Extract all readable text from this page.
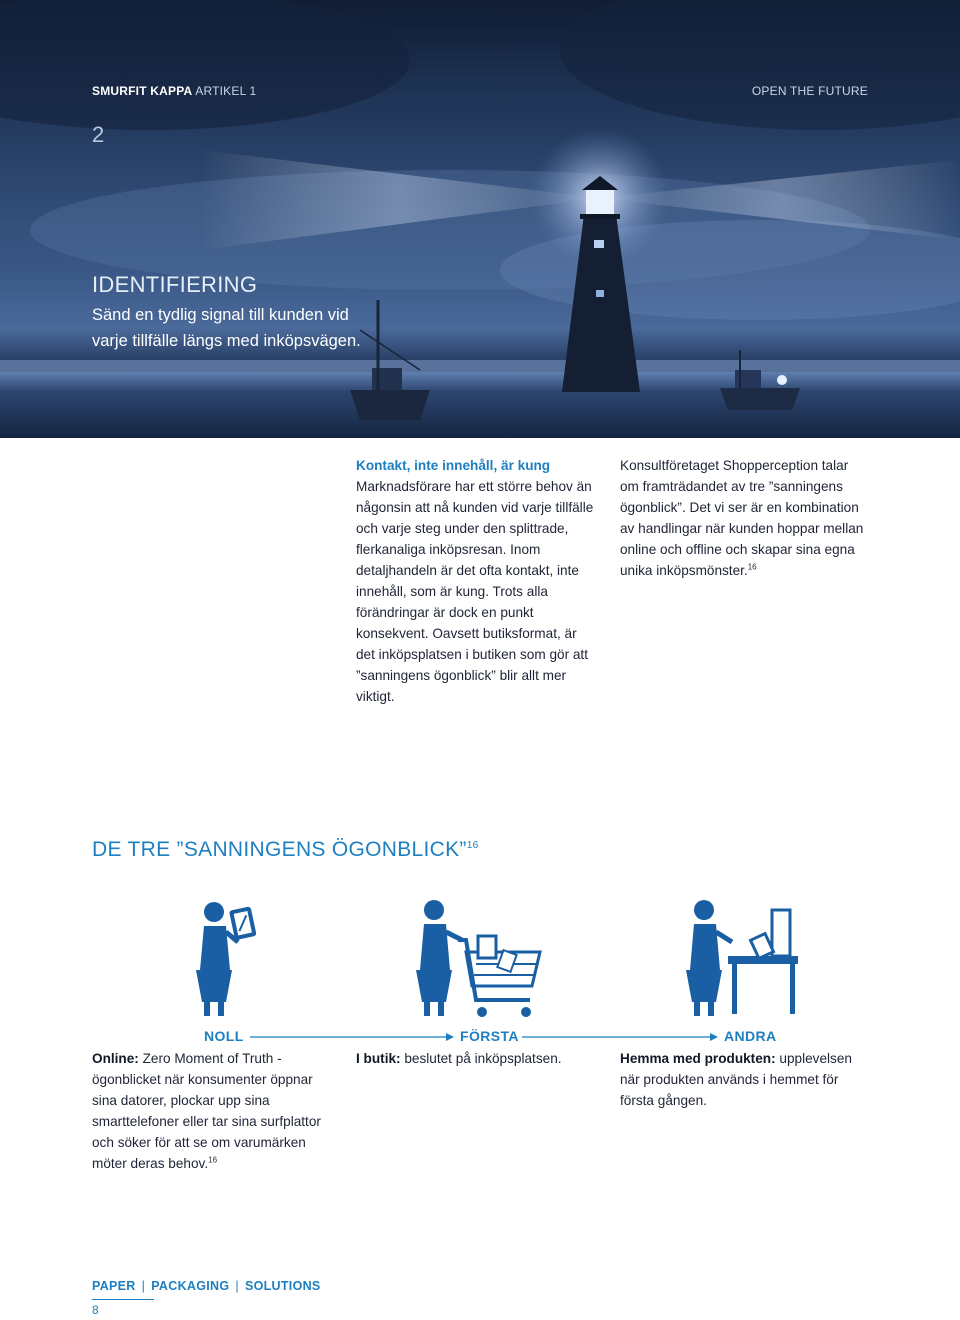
SMURFIT KAPPA ARTIKEL 1	OPEN THE FUTURE
2
IDENTIFIERING
Sänd en tydlig signal till kunden vid varje tillfälle längs med inköpsvägen.
Kontakt, inte innehåll, är kung
Marknadsförare har ett större behov än någonsin att nå kunden vid varje tillfälle och varje steg under den splittrade, flerkanaliga inköpsresan. Inom detaljhandeln är det ofta kontakt, inte innehåll, som är kung. Trots alla förändringar är dock en punkt konsekvent. Oavsett butiksformat, är det inköpsplatsen i butiken som gör att ”sanningens ögonblick” blir allt mer viktigt.
Konsultföretaget Shopperception talar om framträdandet av tre ”sanningens ögonblick”. Det vi ser är en kombination av handlingar när kunden hoppar mellan online och offline och skapar sina egna unika inköpsmönster.$^{16}$
DE TRE ”SANNINGENS ÖGONBLICK”$^{16}$
NOLL	FÖRSTA	ANDRA
Online: Zero Moment of Truth - ögonblicket när konsumenter öppnar sina datorer, plockar upp sina smarttelefoner eller tar sina surfplattor och söker för att se om varumärken möter deras behov.$^{16}$
I butik: beslutet på inköpsplatsen.	Hemma med produkten: upplevelsen när produkten används i hemmet för första gången.
PAPER | PACKAGING | SOLUTIONS
8
